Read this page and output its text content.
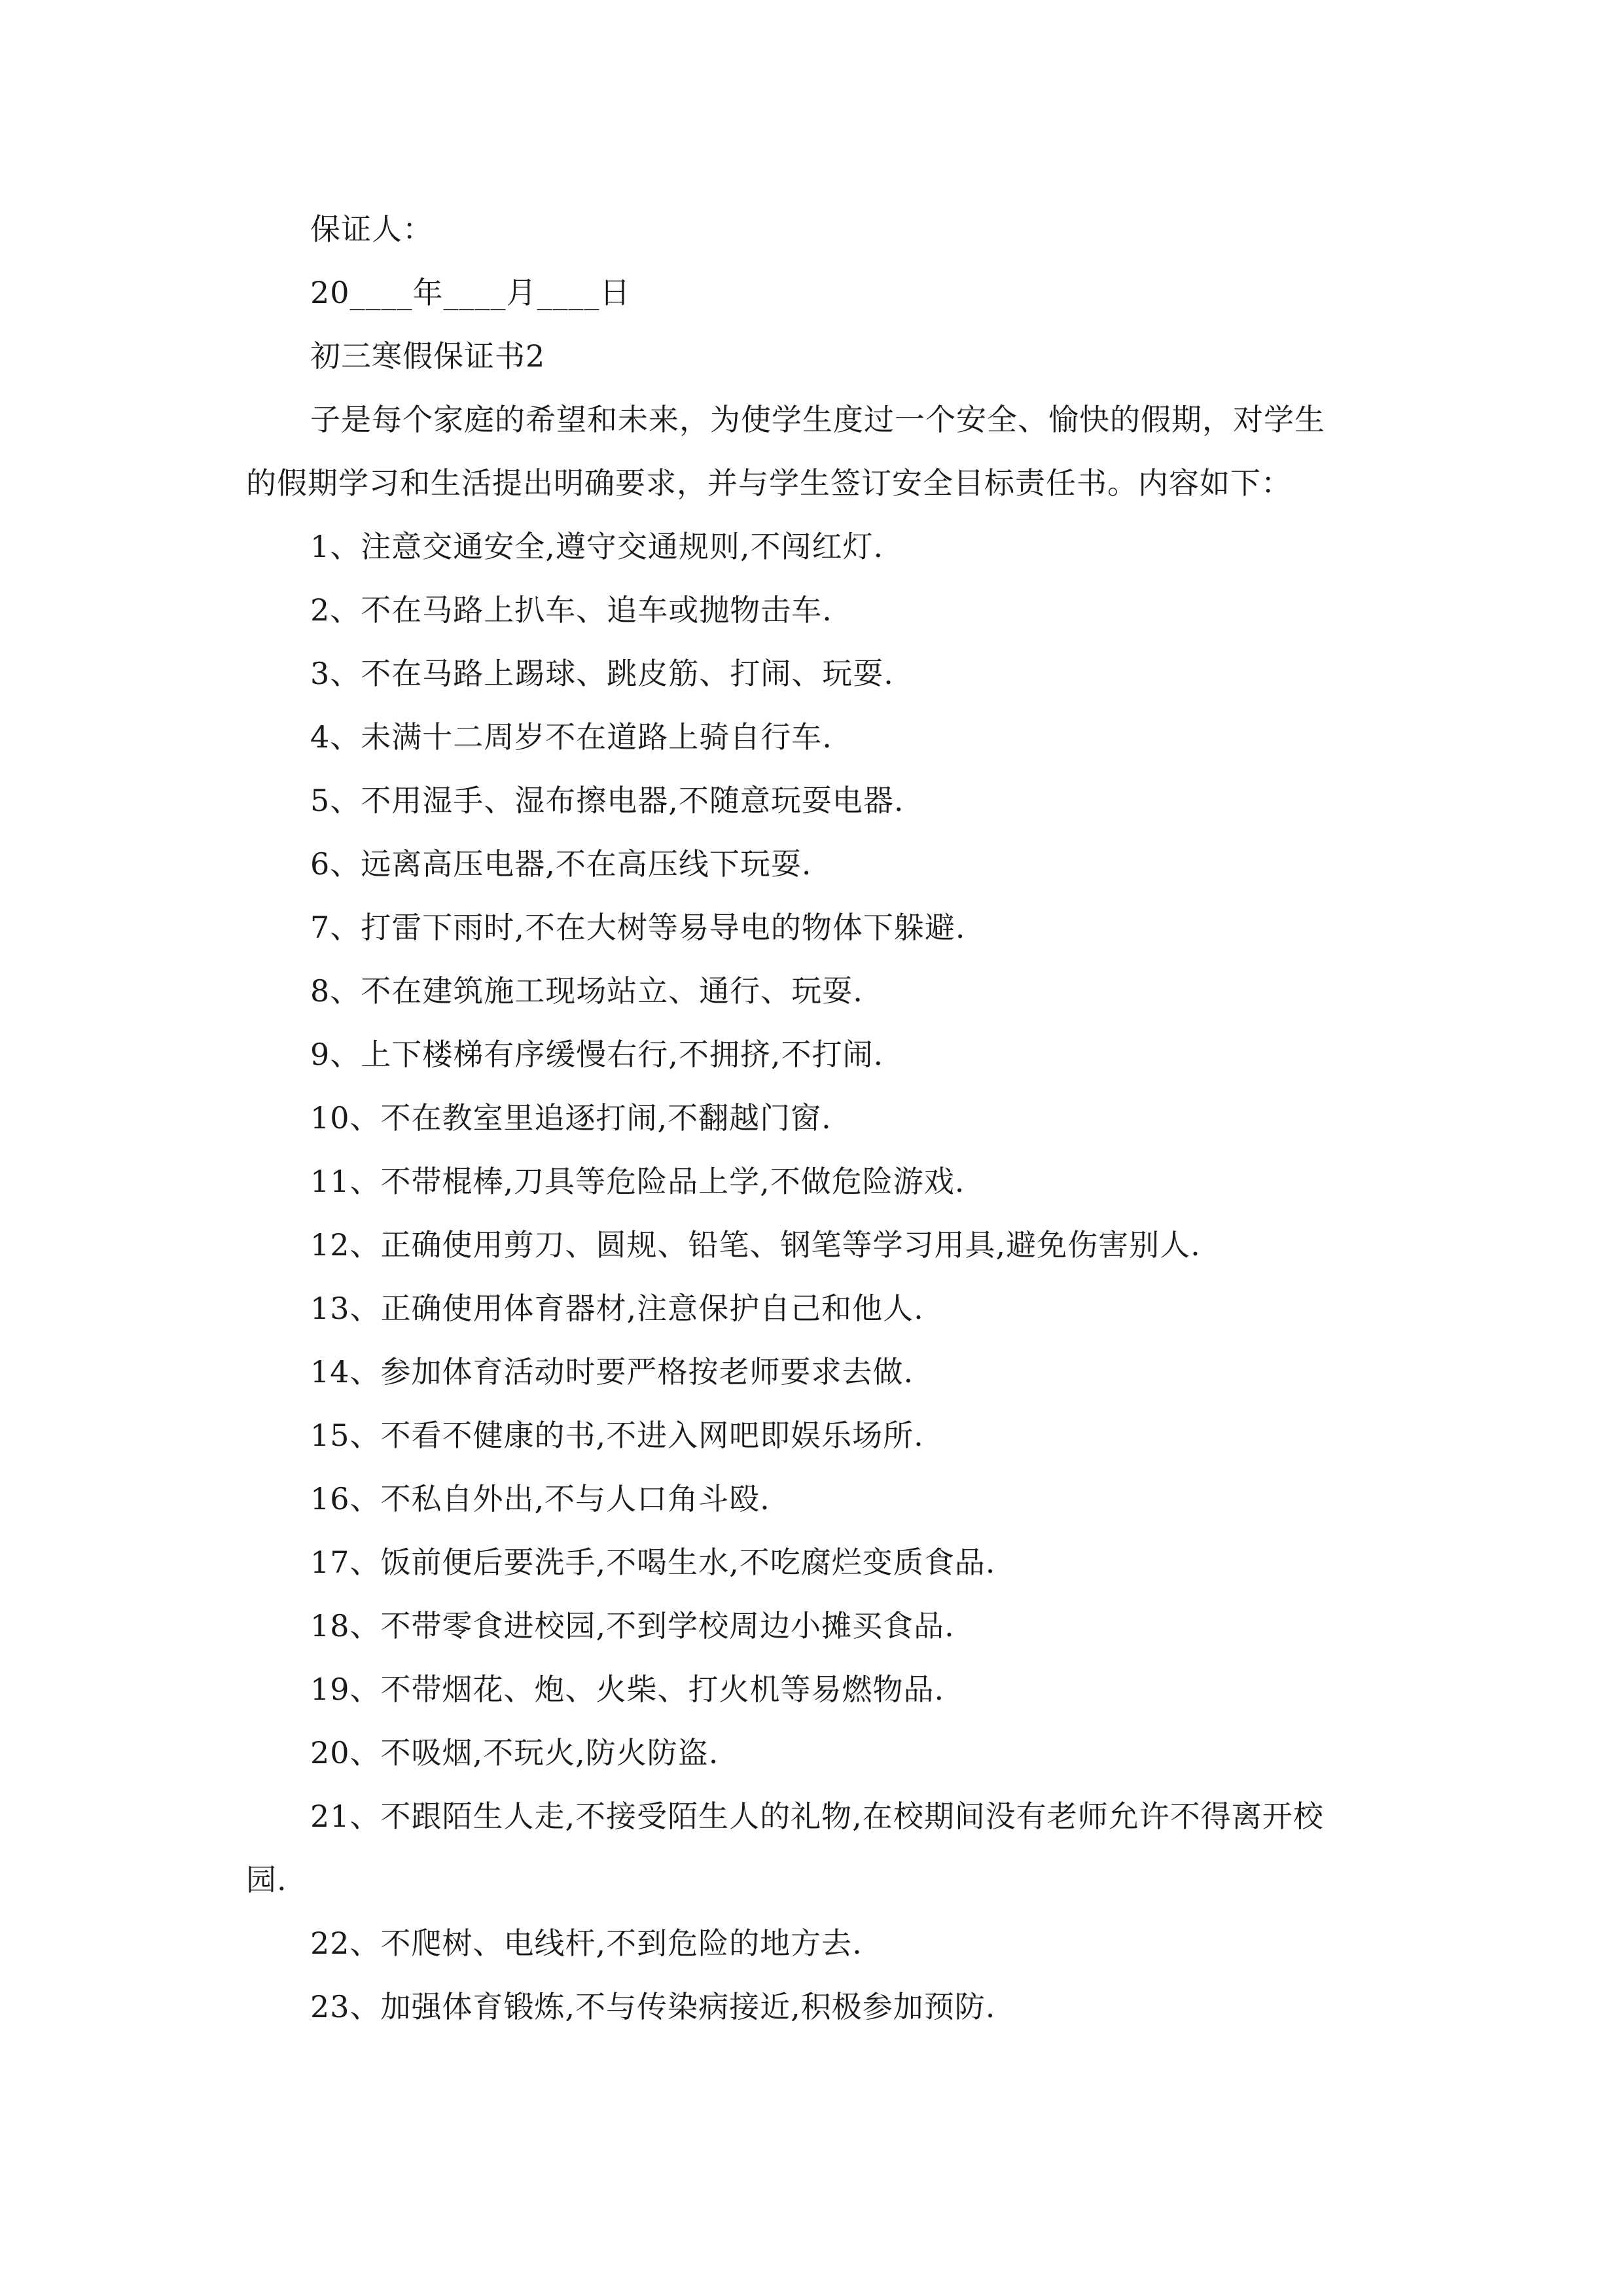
保证人：
20____年____月____日
初三寒假保证书2
子是每个家庭的希望和未来，为使学生度过一个安全、愉快的假期，对学生
的假期学习和生活提出明确要求，并与学生签订安全目标责任书。内容如下：
1、注意交通安全,遵守交通规则,不闯红灯.
2、不在马路上扒车、追车或抛物击车.
3、不在马路上踢球、跳皮筋、打闹、玩耍.
4、未满十二周岁不在道路上骑自行车.
5、不用湿手、湿布擦电器,不随意玩耍电器.
6、远离高压电器,不在高压线下玩耍.
7、打雷下雨时,不在大树等易导电的物体下躲避.
8、不在建筑施工现场站立、通行、玩耍.
9、上下楼梯有序缓慢右行,不拥挤,不打闹.
10、不在教室里追逐打闹,不翻越门窗.
11、不带棍棒,刀具等危险品上学,不做危险游戏.
12、正确使用剪刀、圆规、铅笔、钢笔等学习用具,避免伤害别人.
13、正确使用体育器材,注意保护自己和他人.
14、参加体育活动时要严格按老师要求去做.
15、不看不健康的书,不进入网吧即娱乐场所.
16、不私自外出,不与人口角斗殴.
17、饭前便后要洗手,不喝生水,不吃腐烂变质食品.
18、不带零食进校园,不到学校周边小摊买食品.
19、不带烟花、炮、火柴、打火机等易燃物品.
20、不吸烟,不玩火,防火防盗.
21、不跟陌生人走,不接受陌生人的礼物,在校期间没有老师允许不得离开校
园.
22、不爬树、电线杆,不到危险的地方去.
23、加强体育锻炼,不与传染病接近,积极参加预防.
